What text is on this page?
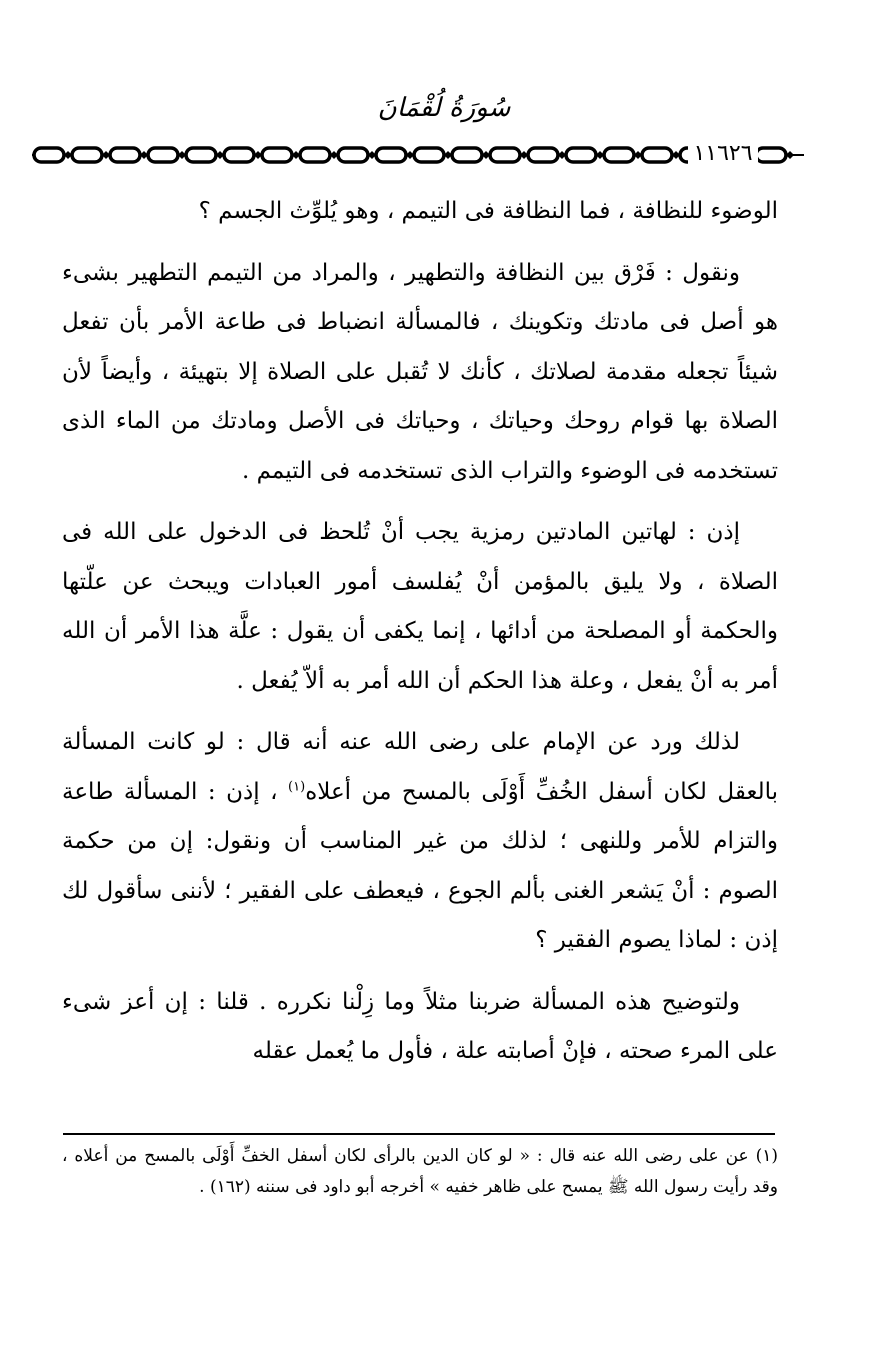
سُورَةُ لُقْمَانَ
١١٦٢٦

الوضوء للنظافة ، فما النظافة فى التيمم ، وهو يُلوِّث الجسم ؟

ونقول : فَرْق بين النظافة والتطهير ، والمراد من التيمم التطهير بشىء هو أصل فى مادتك وتكوينك ، فالمسألة انضباط فى طاعة الأمر بأن تفعل شيئاً تجعله مقدمة لصلاتك ، كأنك لا تُقبل على الصلاة إلا بتهيئة ، وأيضاً لأن الصلاة بها قوام روحك وحياتك ، وحياتك فى الأصل ومادتك من الماء الذى تستخدمه فى الوضوء والتراب الذى تستخدمه فى التيمم .

إذن : لهاتين المادتين رمزية يجب أنْ تُلحظ فى الدخول على الله فى الصلاة ، ولا يليق بالمؤمن أنْ يُفلسف أمور العبادات ويبحث عن علّتها والحكمة أو المصلحة من أدائها ، إنما يكفى أن يقول : علَّة هذا الأمر أن الله أمر به أنْ يفعل ، وعلة هذا الحكم أن الله أمر به ألاّ يُفعل .

لذلك ورد عن الإمام على رضى الله عنه أنه قال : لو كانت المسألة بالعقل لكان أسفل الخُفِّ أَوْلَى بالمسح من أعلاه$^{(١)}$ ، إذن : المسألة طاعة والتزام للأمر وللنهى ؛ لذلك من غير المناسب أن ونقول: إن من حكمة الصوم : أنْ يَشعر الغنى بألم الجوع ، فيعطف على الفقير ؛ لأننى سأقول لك إذن : لماذا يصوم الفقير ؟

ولتوضيح هذه المسألة ضربنا مثلاً وما زِلْنا نكرره . قلنا : إن أعز شىء على المرء صحته ، فإنْ أصابته علة ، فأول ما يُعمل عقله

(١) عن على رضى الله عنه قال : « لو كان الدين بالرأى لكان أسفل الخفِّ أَوْلَى بالمسح من أعلاه ، وقد رأيت رسول الله ﷺ يمسح على ظاهر خفيه » أخرجه أبو داود فى سننه (١٦٢) .
